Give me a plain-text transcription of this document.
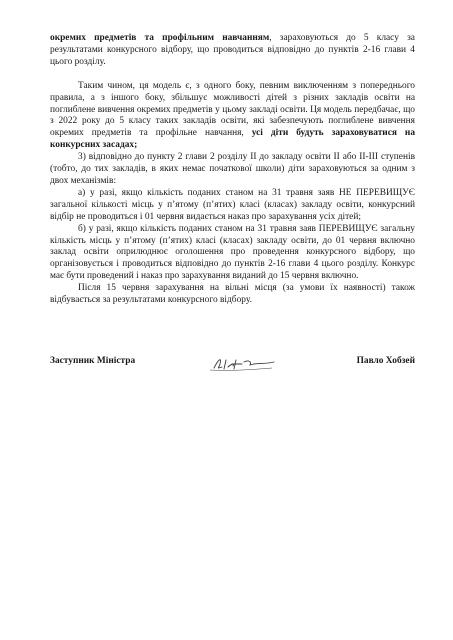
окремих предметів та профільним навчанням, зараховуються до 5 класу за результатами конкурсного відбору, що проводиться відповідно до пунктів 2-16 глави 4 цього розділу.

Таким чином, ця модель є, з одного боку, певним виключенням з попереднього правила, а з іншого боку, збільшує можливості дітей з різних закладів освіти на поглиблене вивчення окремих предметів у цьому закладі освіти. Ця модель передбачає, що з 2022 року до 5 класу таких закладів освіти, які забезпечують поглиблене вивчення окремих предметів та профільне навчання, усі діти будуть зараховуватися на конкурсних засадах;

3) відповідно до пункту 2 глави 2 розділу II до закладу освіти II або II-III ступенів (тобто, до тих закладів, в яких немає початкової школи) діти зараховуються за одним з двох механізмів:

а) у разі, якщо кількість поданих станом на 31 травня заяв НЕ ПЕРЕВИЩУЄ загальної кількості місць у п’ятому (п’ятих) класі (класах) закладу освіти, конкурсний відбір не проводиться і 01 червня видається наказ про зарахування усіх дітей;

б) у разі, якщо кількість поданих станом на 31 травня заяв ПЕРЕВИЩУЄ загальну кількість місць у п’ятому (п’ятих) класі (класах) закладу освіти, до 01 червня включно заклад освіти оприлюднює оголошення про проведення конкурсного відбору, що організовується і проводиться відповідно до пунктів 2-16 глави 4 цього розділу. Конкурс має бути проведений і наказ про зарахування виданий до 15 червня включно.

Після 15 червня зарахування на вільні місця (за умови їх наявності) також відбувається за результатами конкурсного відбору.

Заступник Міністра	Павло Хобзей
